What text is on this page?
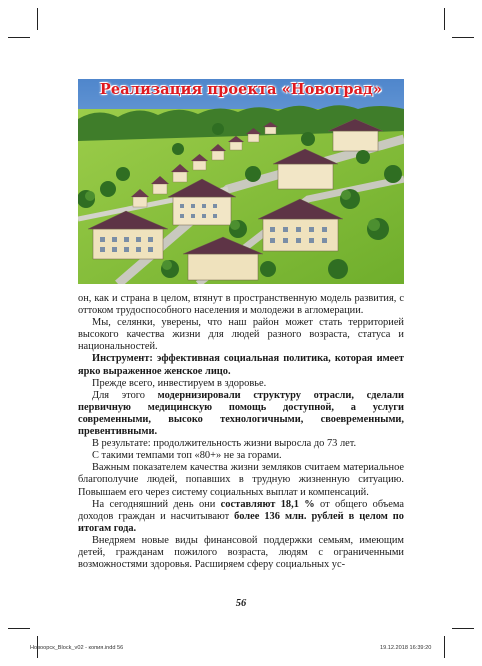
Реализация проекта «Новоград»

он, как и страна в целом, втянут в пространственную модель развития, с оттоком трудоспособного населения и молодежи в агломерации.

Мы, селянки, уверены, что наш район может стать территорией высокого качества жизни для людей разного возраста, статуса и национальностей.

Инструмент: эффективная социальная политика, которая имеет ярко выраженное женское лицо.

Прежде всего, инвестируем в здоровье.

Для этого модернизировали структуру отрасли, сделали первичную медицинскую помощь доступной, а услуги современными, высоко технологичными, своевременными, превентивными.

В результате: продолжительность жизни выросла до 73 лет.

С такими темпами топ «80+» не за горами.

Важным показателем качества жизни земляков считаем материальное благополучие людей, попавших в трудную жизненную ситуацию. Повышаем его через систему социальных выплат и компенсаций.

На сегодняшний день они составляют 18,1 % от общего объема доходов граждан и насчитывают более 136 млн. рублей в целом по итогам года.

Внедряем новые виды финансовой поддержки семьям, имеющим детей, гражданам пожилого возраста, людям с ограниченными возможностями здоровья. Расширяем сферу социальных ус-

56
Новоорск_Block_v02 - копия.indd 56	19.12.2018 16:39:20
